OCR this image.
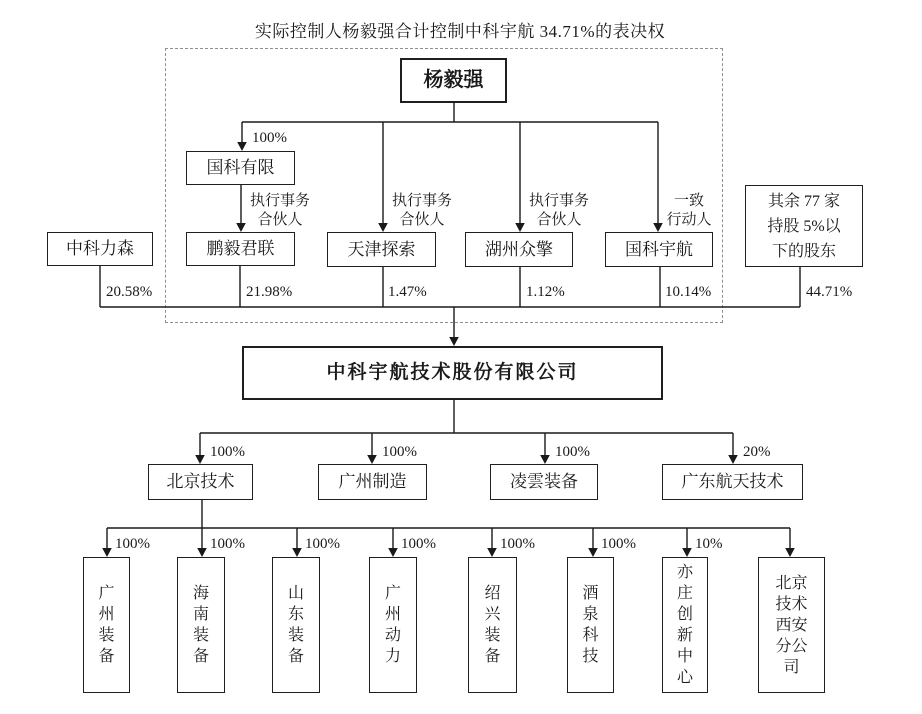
实际控制人杨毅强合计控制中科宇航 34.71%的表决权
杨毅强
国科有限
100%
执行事务
合伙人
执行事务
合伙人
执行事务
合伙人
一致
行动人
中科力森	鹏毅君联	天津探索	湖州众擎	国科宇航
其余 77 家持股 5%以下的股东
20.58%	21.98%	1.47%	1.12%	10.14%	44.71%
中科宇航技术股份有限公司
北京技术	广州制造	凌雲装备	广东航天技术
100%	100%	100%	20%
广州装备
海南装备
山东装备
广州动力
绍兴装备
酒泉科技
亦庄创新中心
北京技术西安分公司
100%	100%	100%	100%	100%	100%	10%
